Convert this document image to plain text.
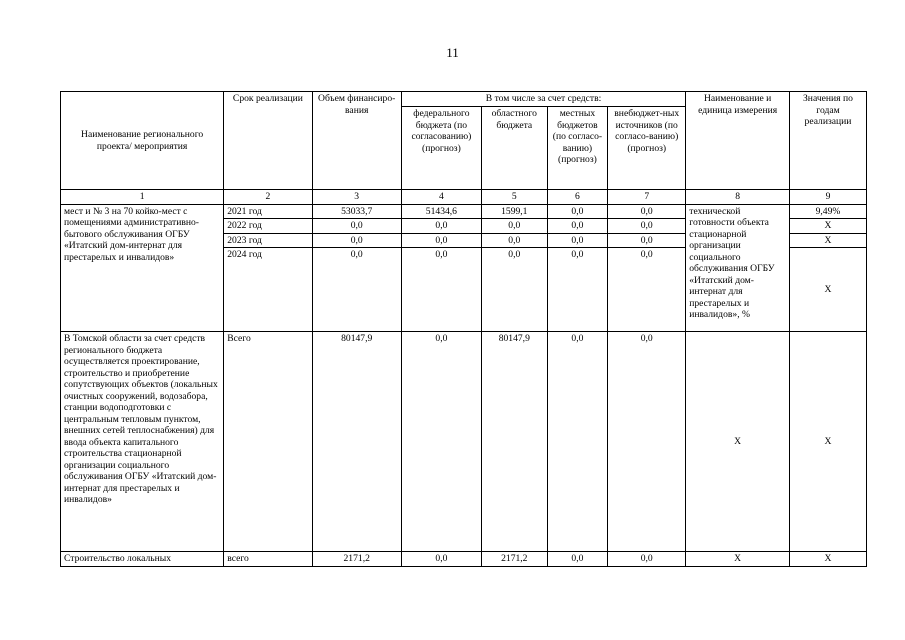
11
Наименование регионального проекта/ мероприятия	Срок реализации	Объем финансиро-вания	В том числе за счет средств:				Наименование и единица измерения	Значения по годам реализации
			федерального бюджета (по согласованию) (прогноз)	областного бюджета	местных бюджетов (по согласо-ванию) (прогноз)	внебюджет-ных источников (по согласо-ванию) (прогноз)		
1	2	3	4	5	6	7	8	9
мест и № 3 на 70 койко-мест с помещениями административно-бытового обслуживания ОГБУ «Итатский дом-интернат для престарелых и инвалидов»	2021 год	53033,7	51434,6	1599,1	0,0	0,0	технической готовности объекта стационарной организации социального обслуживания ОГБУ «Итатский дом-интернат для престарелых и инвалидов», %	9,49%
	2022 год	0,0	0,0	0,0	0,0	0,0		X
	2023 год	0,0	0,0	0,0	0,0	0,0		X
	2024 год	0,0	0,0	0,0	0,0	0,0		X
В Томской области за счет средств регионального бюджета осуществляется проектирование, строительство и приобретение сопутствующих объектов (локальных очистных сооружений, водозабора, станции водоподготовки с центральным тепловым пунктом, внешних сетей теплоснабжения) для ввода объекта капитального строительства стационарной организации социального обслуживания ОГБУ «Итатский дом-интернат для престарелых и инвалидов»	Всего	80147,9	0,0	80147,9	0,0	0,0	X	X
Строительство локальных	всего	2171,2	0,0	2171,2	0,0	0,0	X	X
